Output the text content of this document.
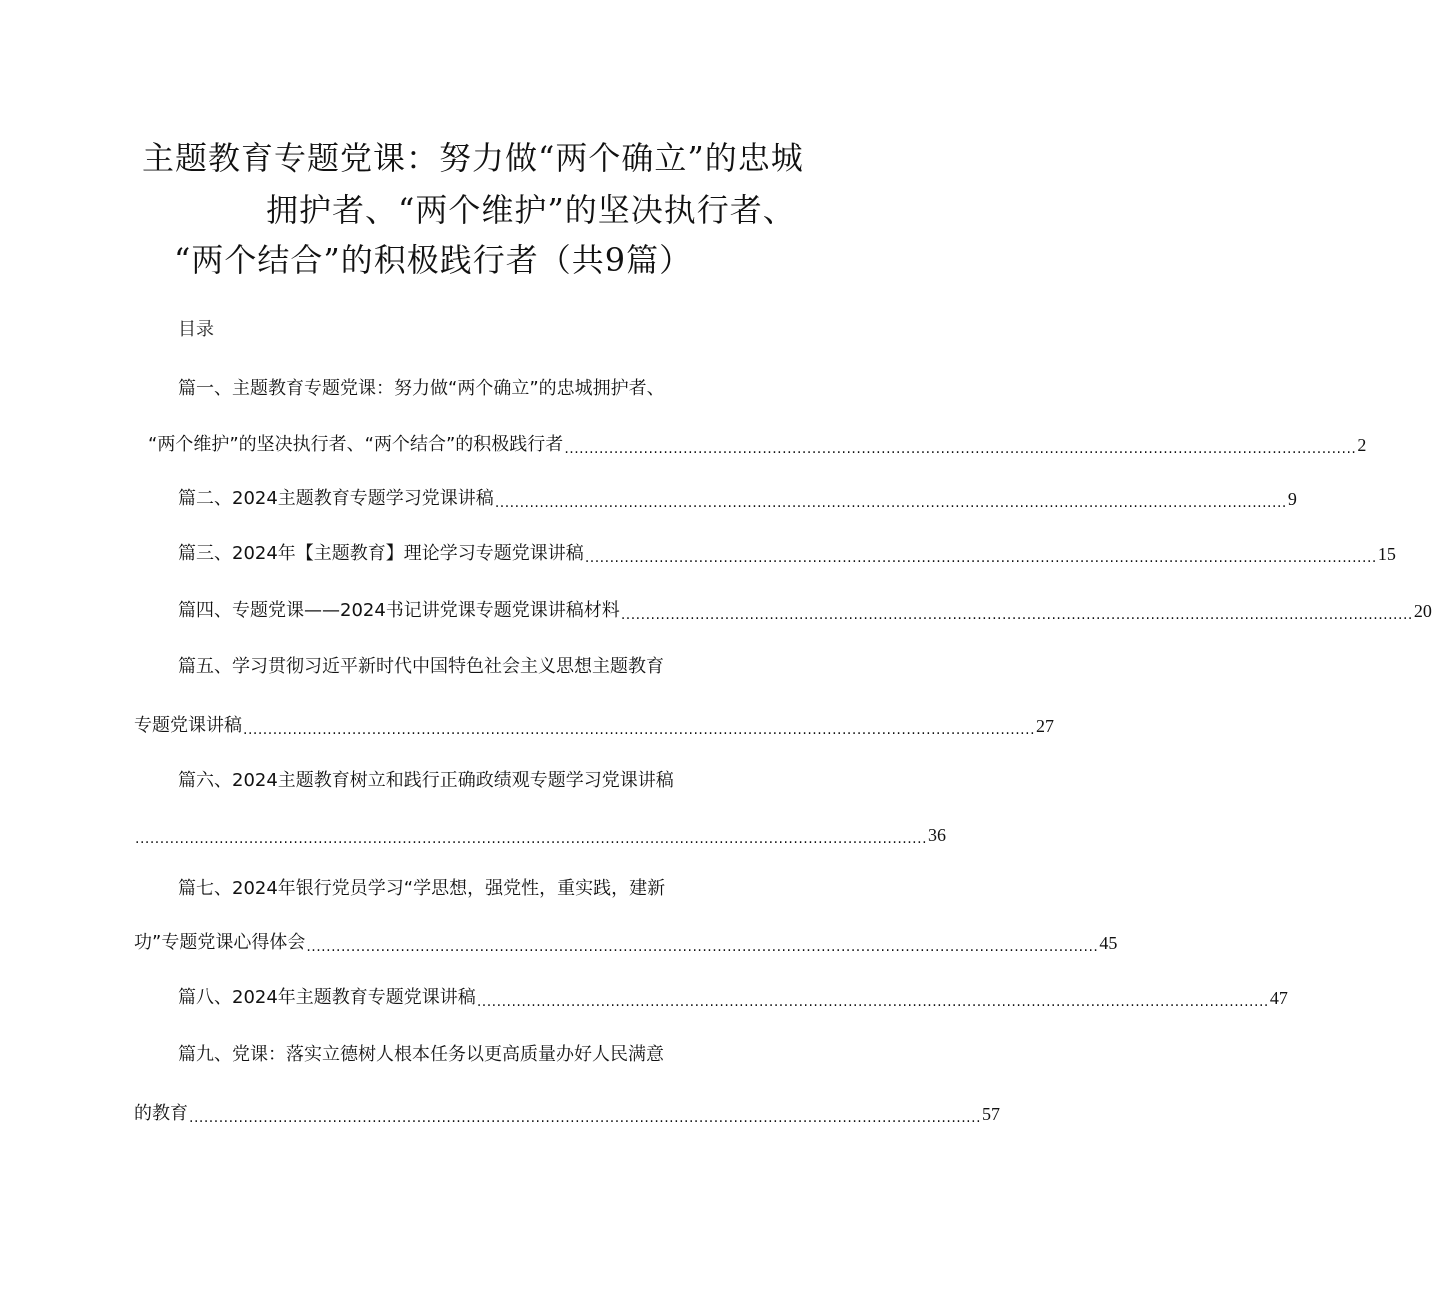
主题教育专题党课：努力做“两个确立”的忠城
拥护者、“两个维护”的坚决执行者、
“两个结合”的积极践行者（共9篇）
目录
篇一、主题教育专题党课：努力做“两个确立”的忠城拥护者、
“两个维护”的坚决执行者、“两个结合”的积极践行者 ................................................................................................................................................................ 2
篇二、2024主题教育专题学习党课讲稿 ................................................................................................................................................................ 9
篇三、2024年【主题教育】理论学习专题党课讲稿 ................................................................................................................................................................ 15
篇四、专题党课——2024书记讲党课专题党课讲稿材料 ................................................................................................................................................................ 20
篇五、学习贯彻习近平新时代中国特色社会主义思想主题教育
专题党课讲稿 ................................................................................................................................................................ 27
篇六、2024主题教育树立和践行正确政绩观专题学习党课讲稿
................................................................................................................................................................ 36
篇七、2024年银行党员学习“学思想，强党性，重实践，建新
功”专题党课心得体会 ................................................................................................................................................................ 45
篇八、2024年主题教育专题党课讲稿 ................................................................................................................................................................ 47
篇九、党课：落实立德树人根本任务以更高质量办好人民满意
的教育 ................................................................................................................................................................ 57
